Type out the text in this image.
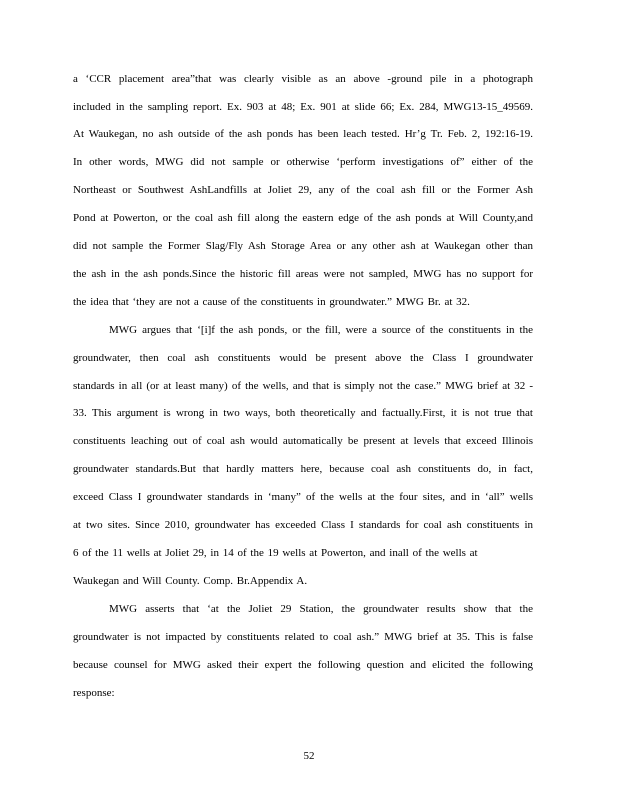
a ‘CCR placement area”that was clearly visible as an above -ground pile in a photograph
included in the sampling report. Ex. 903 at 48; Ex. 901 at slide 66; Ex. 284, MWG13-15_49569.
At Waukegan, no ash outside of the ash ponds has been leach tested. Hr’g Tr. Feb. 2, 192:16-19.
In other words, MWG did not sample or otherwise ‘perform investigations of” either of the
Northeast or Southwest AshLandfills at Joliet 29, any of the coal ash fill or the Former Ash
Pond at Powerton, or the coal ash fill along the eastern edge of the ash ponds at Will County,and
did not sample the Former Slag/Fly Ash Storage Area or any other ash at Waukegan other than
the ash in the ash ponds.Since the historic fill areas were not sampled, MWG has no support for
the idea that ‘they are not a cause of the constituents in groundwater.” MWG Br. at 32.
MWG argues that ‘[i]f the ash ponds, or the fill, were a source of the constituents in the
groundwater, then coal ash constituents would be present above the Class I groundwater
standards in all (or at least many) of the wells, and that is simply not the case.” MWG brief at 32 -
33. This argument is wrong in two ways, both theoretically and factually.First, it is not true that
constituents leaching out of coal ash would automatically be present at levels that exceed Illinois
groundwater standards.But that hardly matters here, because coal ash constituents do, in fact,
exceed Class I groundwater standards in ‘many” of the wells at the four sites, and in ‘all” wells
at two sites. Since 2010, groundwater has exceeded Class I standards for coal ash constituents in
6 of the 11 wells at Joliet 29, in 14 of the 19 wells at Powerton, and inall of the wells at
Waukegan and Will County. Comp. Br.Appendix A.
MWG asserts that ‘at the Joliet 29 Station, the groundwater results show that the
groundwater is not impacted by constituents related to coal ash.” MWG brief at 35. This is false
because counsel for MWG asked their expert the following question and elicited the following
response:
52
